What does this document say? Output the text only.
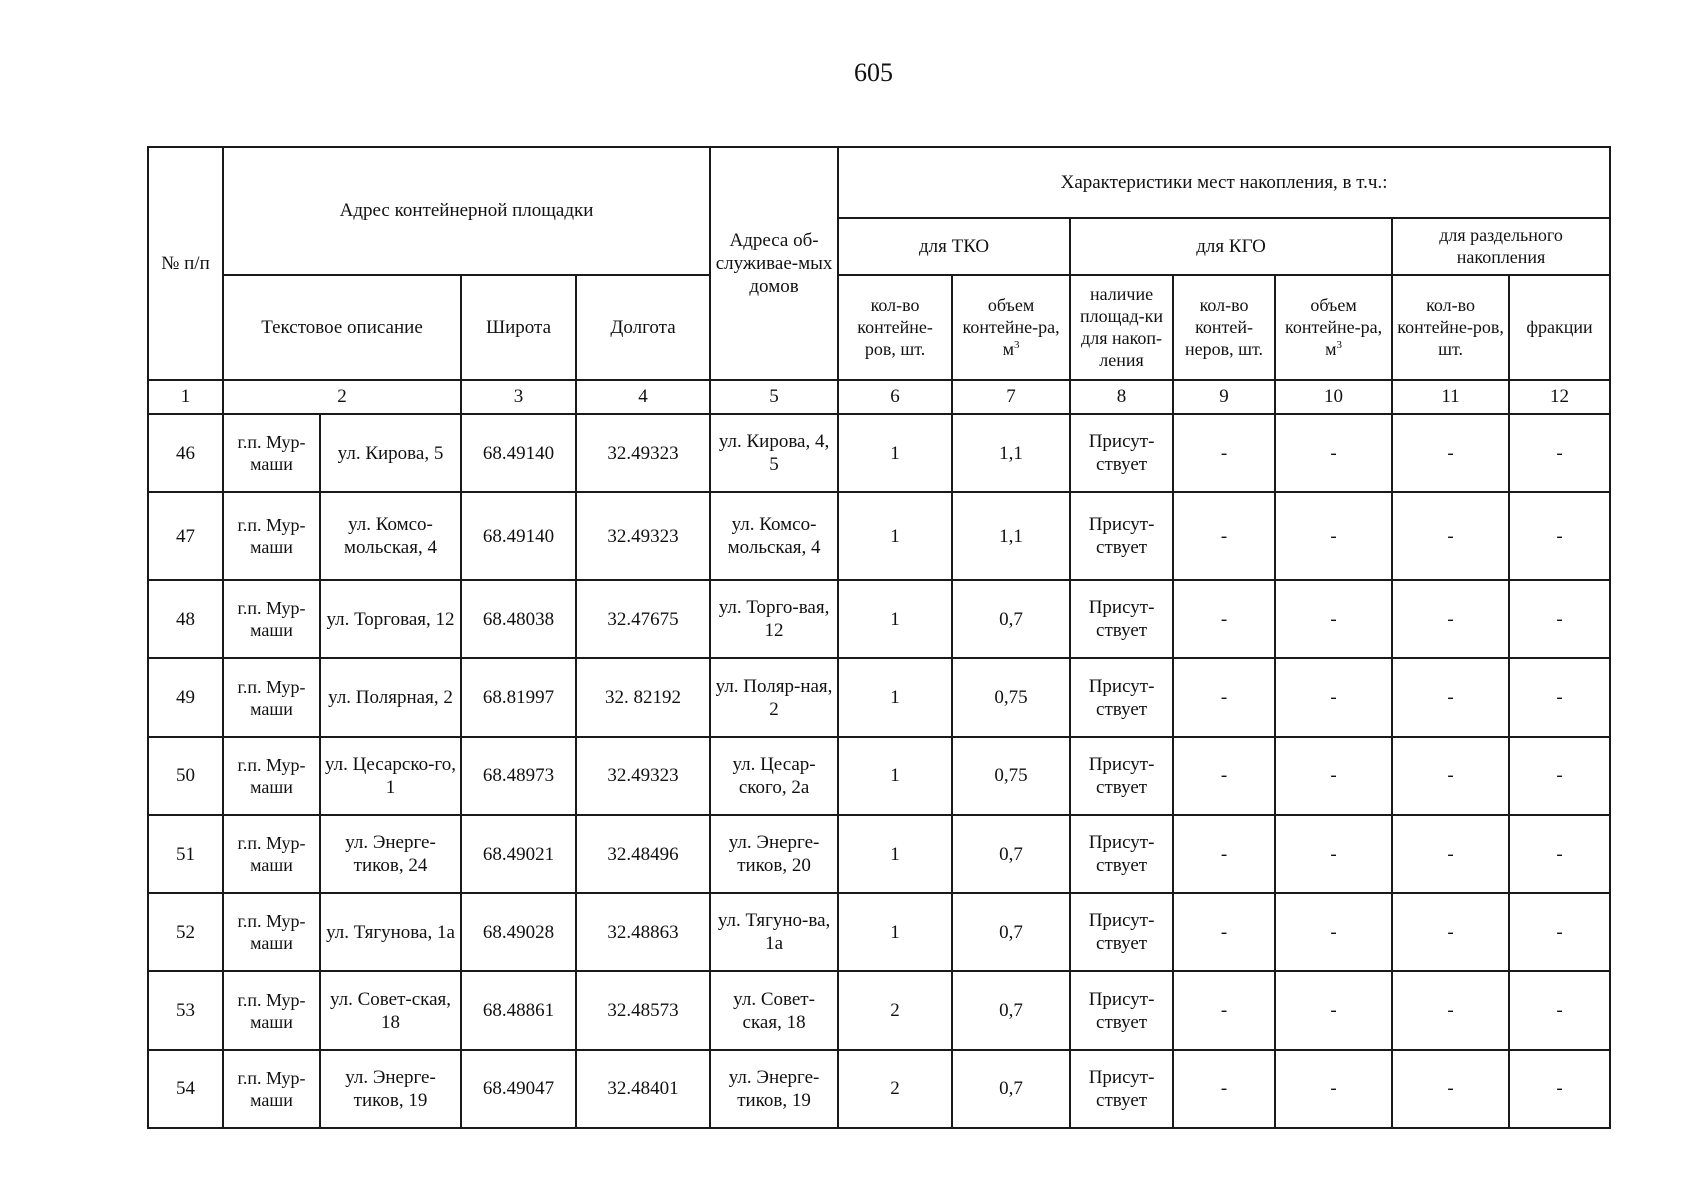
605
№ п/п	Адрес контейнерной площадки				Адреса об-служивае-мых домов	Характеристики мест накопления, в т.ч.:						
						для ТКО		для КГО			для раздельного накопления	
	Текстовое описание		Широта	Долгота		кол-во контейне-ров, шт.	объем контейне-ра, $м^3$	наличие площад-ки для накоп-ления	кол-во контей-неров, шт.	объем контейне-ра, $м^3$	кол-во контейне-ров, шт.	фракции
1	2		3	4	5	6	7	8	9	10	11	12
46	г.п. Мур-маши	ул. Кирова, 5	68.49140	32.49323	ул. Кирова, 4, 5	1	1,1	Присут-ствует	-	-	-	-
47	г.п. Мур-маши	ул. Комсо-мольская, 4	68.49140	32.49323	ул. Комсо-мольская, 4	1	1,1	Присут-ствует	-	-	-	-
48	г.п. Мур-маши	ул. Торговая, 12	68.48038	32.47675	ул. Торго-вая, 12	1	0,7	Присут-ствует	-	-	-	-
49	г.п. Мур-маши	ул. Полярная, 2	68.81997	32. 82192	ул. Поляр-ная, 2	1	0,75	Присут-ствует	-	-	-	-
50	г.п. Мур-маши	ул. Цесарско-го, 1	68.48973	32.49323	ул. Цесар-ского, 2а	1	0,75	Присут-ствует	-	-	-	-
51	г.п. Мур-маши	ул. Энерге-тиков, 24	68.49021	32.48496	ул. Энерге-тиков, 20	1	0,7	Присут-ствует	-	-	-	-
52	г.п. Мур-маши	ул. Тягунова, 1а	68.49028	32.48863	ул. Тягуно-ва, 1а	1	0,7	Присут-ствует	-	-	-	-
53	г.п. Мур-маши	ул. Совет-ская, 18	68.48861	32.48573	ул. Совет-ская, 18	2	0,7	Присут-ствует	-	-	-	-
54	г.п. Мур-маши	ул. Энерге-тиков, 19	68.49047	32.48401	ул. Энерге-тиков, 19	2	0,7	Присут-ствует	-	-	-	-
